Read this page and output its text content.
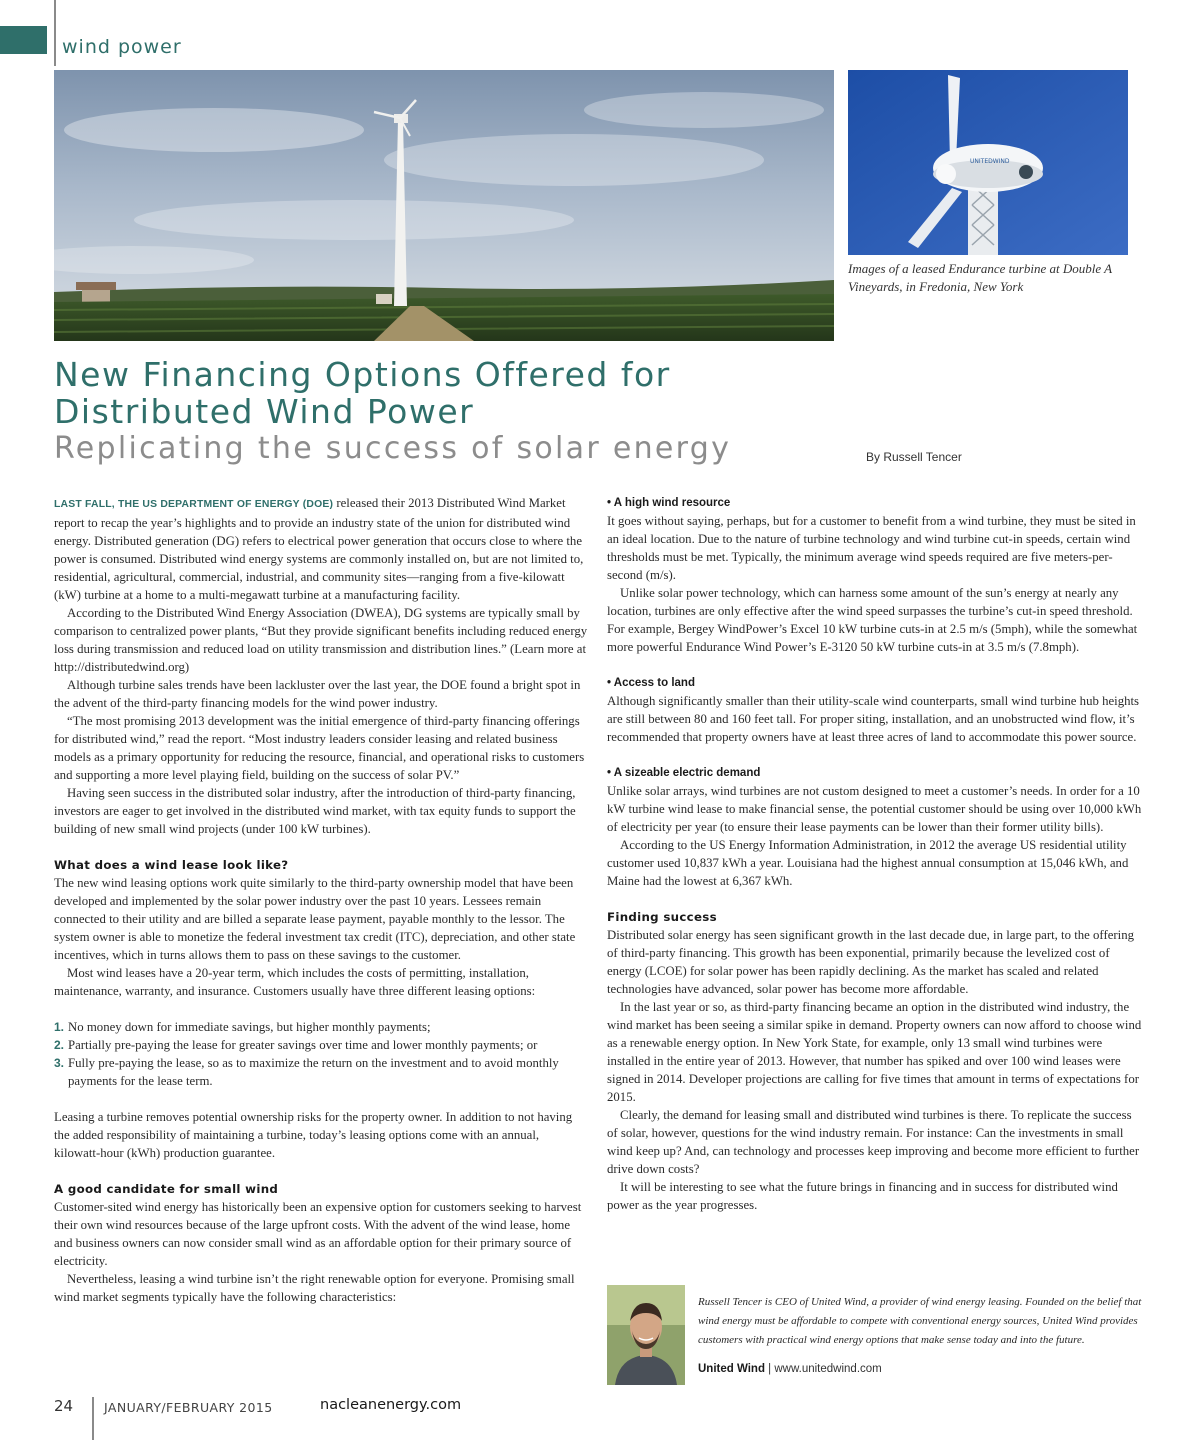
wind power
UNITEDWIND
Images of a leased Endurance turbine at Double A Vineyards, in Fredonia, New York
New Financing Options Offered for
Distributed Wind Power
Replicating the success of solar energy	By Russell Tencer

LAST FALL, THE US DEPARTMENT OF ENERGY (DOE) released their 2013 Distributed Wind Market report to recap the year’s highlights and to provide an industry state of the union for distributed wind energy. Distributed generation (DG) refers to electrical power generation that occurs close to where the power is consumed. Distributed wind energy systems are commonly installed on, but are not limited to, residential, agricultural, commercial, industrial, and community sites—ranging from a five-kilowatt (kW) turbine at a home to a multi-megawatt turbine at a manufacturing facility.

According to the Distributed Wind Energy Association (DWEA), DG systems are typically small by comparison to centralized power plants, “But they provide significant benefits including reduced energy loss during transmission and reduced load on utility transmission and distribution lines.” (Learn more at http://distributedwind.org)

Although turbine sales trends have been lackluster over the last year, the DOE found a bright spot in the advent of the third-party financing models for the wind power industry.

“The most promising 2013 development was the initial emergence of third-party financing offerings for distributed wind,” read the report. “Most industry leaders consider leasing and related business models as a primary opportunity for reducing the resource, financial, and operational risks to customers and supporting a more level playing field, building on the success of solar PV.”

Having seen success in the distributed solar industry, after the introduction of third-party financing, investors are eager to get involved in the distributed wind market, with tax equity funds to support the building of new small wind projects (under 100 kW turbines).

What does a wind lease look like?

The new wind leasing options work quite similarly to the third-party ownership model that have been developed and implemented by the solar power industry over the past 10 years. Lessees remain connected to their utility and are billed a separate lease payment, payable monthly to the lessor. The system owner is able to monetize the federal investment tax credit (ITC), depreciation, and other state incentives, which in turns allows them to pass on these savings to the customer.

Most wind leases have a 20-year term, which includes the costs of permitting, installation, maintenance, warranty, and insurance. Customers usually have three different leasing options:

1. No money down for immediate savings, but higher monthly payments;
2. Partially pre-paying the lease for greater savings over time and lower monthly payments; or
3. Fully pre-paying the lease, so as to maximize the return on the investment and to avoid monthly payments for the lease term.

Leasing a turbine removes potential ownership risks for the property owner. In addition to not having the added responsibility of maintaining a turbine, today’s leasing options come with an annual, kilowatt-hour (kWh) production guarantee.

A good candidate for small wind

Customer-sited wind energy has historically been an expensive option for customers seeking to harvest their own wind resources because of the large upfront costs. With the advent of the wind lease, home and business owners can now consider small wind as an affordable option for their primary source of electricity.

Nevertheless, leasing a wind turbine isn’t the right renewable option for everyone. Promising small wind market segments typically have the following characteristics:

• A high wind resource

It goes without saying, perhaps, but for a customer to benefit from a wind turbine, they must be sited in an ideal location. Due to the nature of turbine technology and wind turbine cut-in speeds, certain wind thresholds must be met. Typically, the minimum average wind speeds required are five meters-per-second (m/s).

Unlike solar power technology, which can harness some amount of the sun’s energy at nearly any location, turbines are only effective after the wind speed surpasses the turbine’s cut-in speed threshold. For example, Bergey WindPower’s Excel 10 kW turbine cuts-in at 2.5 m/s (5mph), while the somewhat more powerful Endurance Wind Power’s E-3120 50 kW turbine cuts-in at 3.5 m/s (7.8mph).

• Access to land

Although significantly smaller than their utility-scale wind counterparts, small wind turbine hub heights are still between 80 and 160 feet tall. For proper siting, installation, and an unobstructed wind flow, it’s recommended that property owners have at least three acres of land to accommodate this power source.

• A sizeable electric demand

Unlike solar arrays, wind turbines are not custom designed to meet a customer’s needs. In order for a 10 kW turbine wind lease to make financial sense, the potential customer should be using over 10,000 kWh of electricity per year (to ensure their lease payments can be lower than their former utility bills).

According to the US Energy Information Administration, in 2012 the average US residential utility customer used 10,837 kWh a year. Louisiana had the highest annual consumption at 15,046 kWh, and Maine had the lowest at 6,367 kWh.

Finding success

Distributed solar energy has seen significant growth in the last decade due, in large part, to the offering of third-party financing. This growth has been exponential, primarily because the levelized cost of energy (LCOE) for solar power has been rapidly declining. As the market has scaled and related technologies have advanced, solar power has become more affordable.

In the last year or so, as third-party financing became an option in the distributed wind industry, the wind market has been seeing a similar spike in demand. Property owners can now afford to choose wind as a renewable energy option. In New York State, for example, only 13 small wind turbines were installed in the entire year of 2013. However, that number has spiked and over 100 wind leases were signed in 2014. Developer projections are calling for five times that amount in terms of expectations for 2015.

Clearly, the demand for leasing small and distributed wind turbines is there. To replicate the success of solar, however, questions for the wind industry remain. For instance: Can the investments in small wind keep up? And, can technology and processes keep improving and become more efficient to further drive down costs?

It will be interesting to see what the future brings in financing and in success for distributed wind power as the year progresses.

Russell Tencer is CEO of United Wind, a provider of wind energy leasing. Founded on the belief that wind energy must be affordable to compete with conventional energy sources, United Wind provides customers with practical wind energy options that make sense today and into the future.
United Wind | www.unitedwind.com
24 JANUARY/FEBRUARY 2015	nacleanenergy.com
